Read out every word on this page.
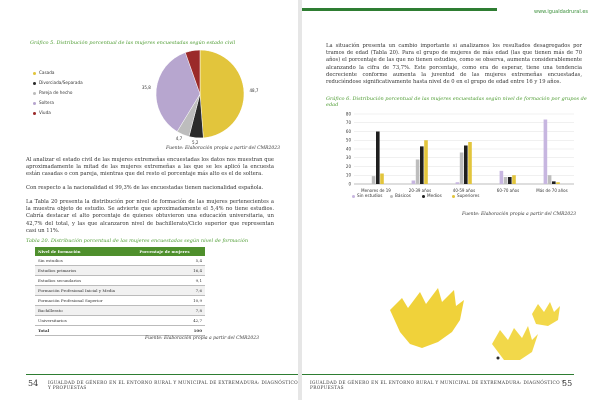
Gráfico 5. Distribución porcentual de las mujeres encuestadas según estado civil
48,7
5,2
4,7
35,8
Casada
Divorciada/Separada
Pareja de hecho
Soltera
Viuda
Fuente: Elaboración propia a partir del CMR2023
Al analizar el estado civil de las mujeres extremeñas encuestadas los datos nos muestran que aproximadamente la mitad de las mujeres extremeñas a las que se les aplicó la encuesta están casadas o con pareja, mientras que del resto el porcentaje más alto es el de soltera.
Con respecto a la nacionalidad el 99,3% de las encuestadas tienen nacionalidad española.
La Tabla 20 presenta la distribución por nivel de formación de las mujeres pertenecientes a la muestra objeto de estudio. Se advierte que aproximadamente el 5,4% no tiene estudios. Cabría destacar el alto porcentaje de quienes obtuvieron una educación universitaria, un 42,7% del total, y las que alcanzaron nivel de bachillerato/Ciclo superior que representan casi un 11%.
Tabla 20. Distribución porcentual de las mujeres encuestadas según nivel de formación
Nivel de formación	Porcentaje de mujeres
Sin estudios	5,4
Estudios primarios	16,4
Estudios secundarios	9,1
Formación Profesional Inicial y Media	7,6
Formación Profesional Superior	10,9
Bachillerato	7,8
Universitarios	42,7
Total	100
Fuente: Elaboración propia a partir del CMR2023
54 IGUALDAD DE GÉNERO EN EL ENTORNO RURAL Y MUNICIPAL DE EXTREMADURA: DIAGNÓSTICO Y PROPUESTAS
www.igualdadrural.es
La situación presenta un cambio importante si analizamos los resultados desagregados por tramos de edad (Tabla 20). Para el grupo de mujeres de más edad (las que tienen más de 70 años) el porcentaje de las que no tienen estudios, como se observa, aumenta considerablemente alcanzando la cifra de 73,7%. Este porcentaje, como era de esperar, tiene una tendencia decreciente conforme aumenta la juventud de las mujeres extremeñas encuestadas, reduciéndose significativamente hasta nivel de 0 en el grupo de edad entre 16 y 19 años.
Gráfico 6. Distribución porcentual de las mujeres encuestadas según nivel de formación por grupos de edad
0
10
20
30
40
50
60
70
80
Menores de 19	20-39 años	40-59 años	60-70 años	Más de 70 años
Sin estudios	Básicos	Medios	Superiores
Fuente: Elaboración propia a partir del CMR2023
IGUALDAD DE GÉNERO EN EL ENTORNO RURAL Y MUNICIPAL DE EXTREMADURA: DIAGNÓSTICO Y PROPUESTAS
55
